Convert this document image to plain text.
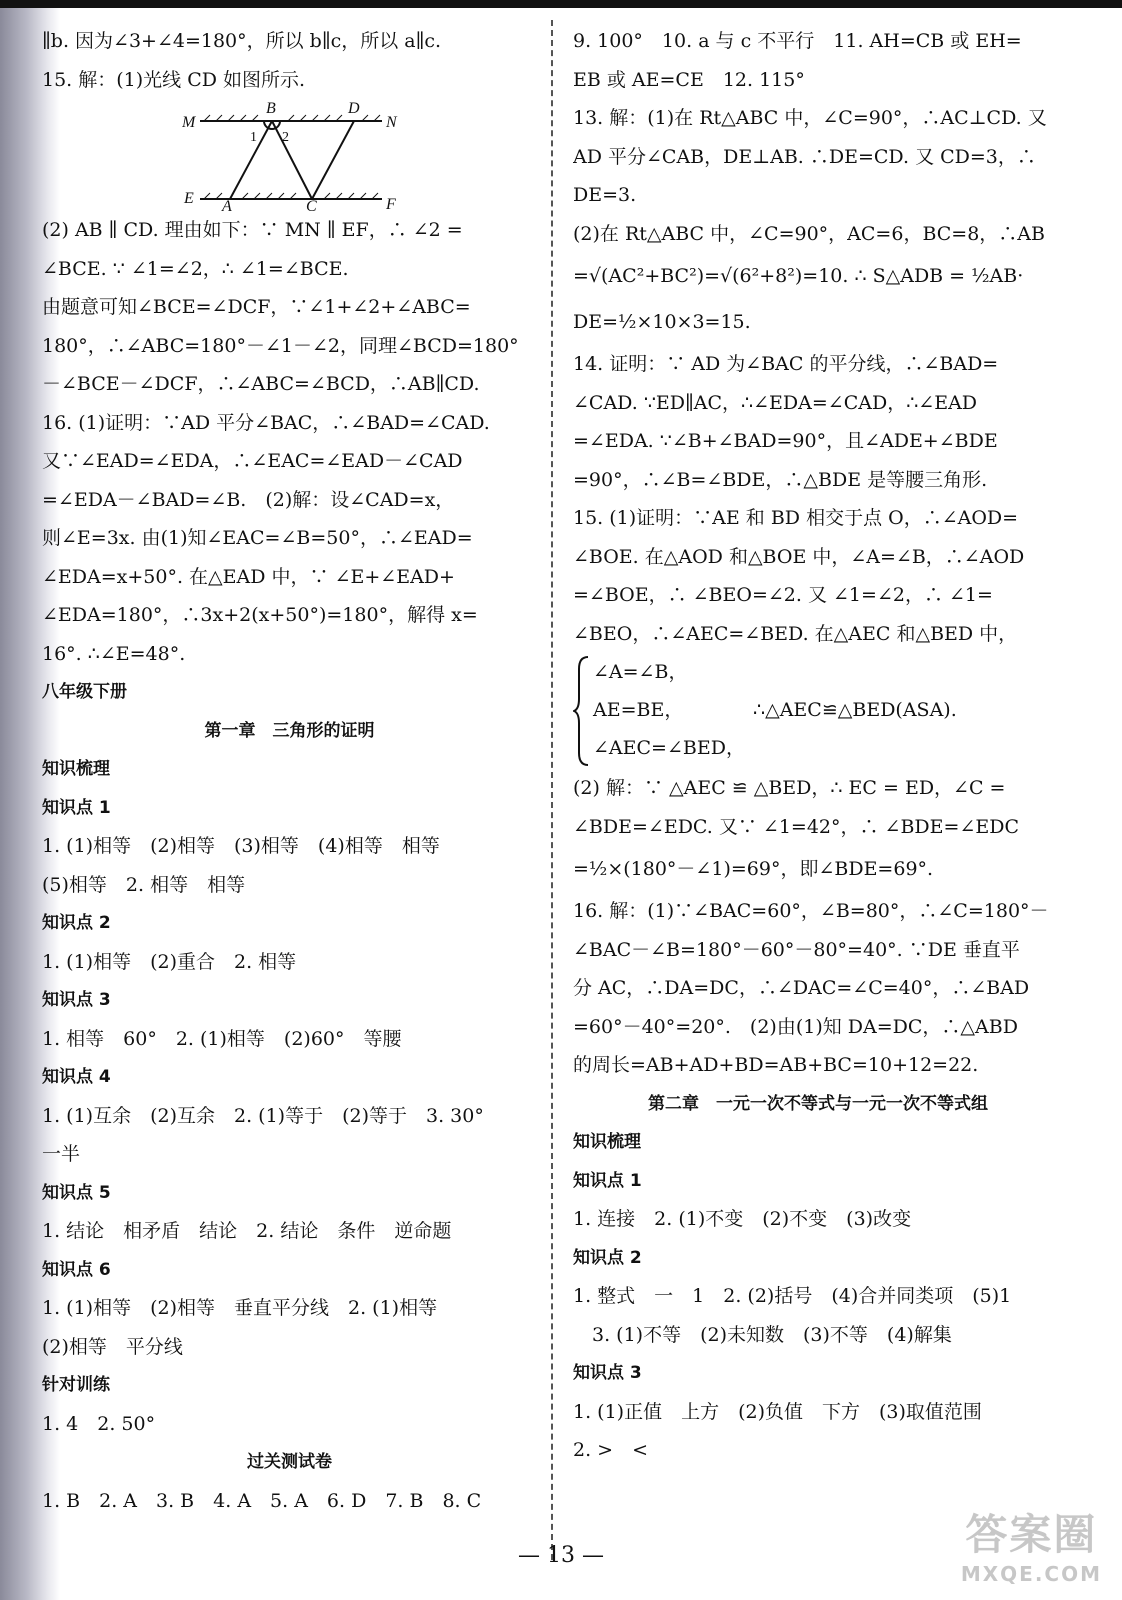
∥b. 因为∠3+∠4=180°，所以 b∥c，所以 a∥c.
15. 解：(1)光线 CD 如图所示.
M
B	D
N
1 2
E A	C	F
(2) AB ∥ CD. 理由如下：∵ MN ∥ EF，∴ ∠2 =
∠BCE. ∵ ∠1=∠2，∴ ∠1=∠BCE.
由题意可知∠BCE=∠DCF，∵∠1+∠2+∠ABC=
180°，∴∠ABC=180°－∠1－∠2，同理∠BCD=180°
－∠BCE－∠DCF，∴∠ABC=∠BCD，∴AB∥CD.
16. (1)证明：∵AD 平分∠BAC，∴∠BAD=∠CAD.
又∵∠EAD=∠EDA，∴∠EAC=∠EAD－∠CAD
=∠EDA－∠BAD=∠B.　(2)解：设∠CAD=x，
则∠E=3x. 由(1)知∠EAC=∠B=50°，∴∠EAD=
∠EDA=x+50°. 在△EAD 中，∵ ∠E+∠EAD+
∠EDA=180°，∴3x+2(x+50°)=180°，解得 x=
16°. ∴∠E=48°.
八年级下册
第一章　三角形的证明
知识梳理
知识点 1
1. (1)相等　(2)相等　(3)相等　(4)相等　相等
(5)相等　2. 相等　相等
知识点 2
1. (1)相等　(2)重合　2. 相等
知识点 3
1. 相等　60°　2. (1)相等　(2)60°　等腰
知识点 4
1. (1)互余　(2)互余　2. (1)等于　(2)等于　3. 30°
一半
知识点 5
1. 结论　相矛盾　结论　2. 结论　条件　逆命题
知识点 6
1. (1)相等　(2)相等　垂直平分线　2. (1)相等
(2)相等　平分线
针对训练
1. 4　2. 50°
过关测试卷
1. B　2. A　3. B　4. A　5. A　6. D　7. B　8. C
9. 100°　10. a 与 c 不平行　11. AH=CB 或 EH=
EB 或 AE=CE　12. 115°
13. 解：(1)在 Rt△ABC 中，∠C=90°，∴AC⊥CD. 又
AD 平分∠CAB，DE⊥AB. ∴DE=CD. 又 CD=3，∴
DE=3.
(2)在 Rt△ABC 中，∠C=90°，AC=6，BC=8，∴AB
=√(AC²+BC²)=√(6²+8²)=10. ∴ S△ADB = ½AB·
DE=½×10×3=15.
14. 证明：∵ AD 为∠BAC 的平分线，∴∠BAD=
∠CAD. ∵ED∥AC，∴∠EDA=∠CAD，∴∠EAD
=∠EDA. ∵∠B+∠BAD=90°，且∠ADE+∠BDE
=90°，∴∠B=∠BDE，∴△BDE 是等腰三角形.
15. (1)证明：∵AE 和 BD 相交于点 O，∴∠AOD=
∠BOE. 在△AOD 和△BOE 中，∠A=∠B，∴∠AOD
=∠BOE，∴ ∠BEO=∠2. 又 ∠1=∠2，∴ ∠1=
∠BEO，∴∠AEC=∠BED. 在△AEC 和△BED 中，
∠A=∠B，
AE=BE，
∠AEC=∠BED，
∴△AEC≌△BED(ASA).
(2) 解：∵ △AEC ≌ △BED，∴ EC = ED，∠C =
∠BDE=∠EDC. 又∵ ∠1=42°，∴ ∠BDE=∠EDC
=½×(180°－∠1)=69°，即∠BDE=69°.
16. 解：(1)∵∠BAC=60°，∠B=80°，∴∠C=180°－
∠BAC－∠B=180°－60°－80°=40°. ∵DE 垂直平
分 AC，∴DA=DC，∴∠DAC=∠C=40°，∴∠BAD
=60°－40°=20°.　(2)由(1)知 DA=DC，∴△ABD
的周长=AB+AD+BD=AB+BC=10+12=22.
第二章　一元一次不等式与一元一次不等式组
知识梳理
知识点 1
1. 连接　2. (1)不变　(2)不变　(3)改变
知识点 2
1. 整式　一　1　2. (2)括号　(4)合并同类项　(5)1
　3. (1)不等　(2)未知数　(3)不等　(4)解集
知识点 3
1. (1)正值　上方　(2)负值　下方　(3)取值范围
2. >　<
— 13 —	答案圈
MXQE.COM
